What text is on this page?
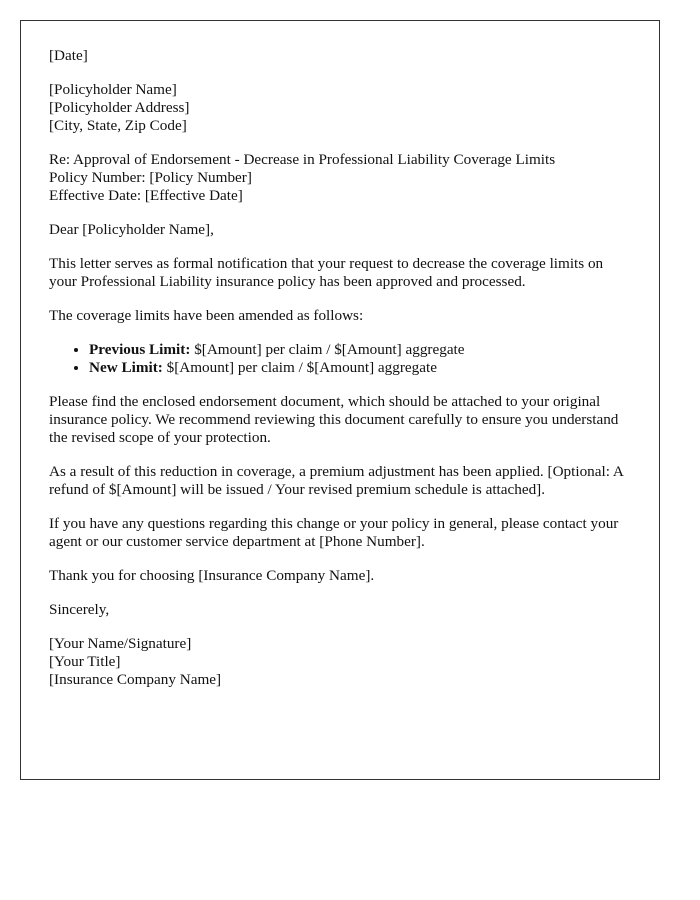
[Date]

[Policyholder Name]
[Policyholder Address]
[City, State, Zip Code]

Re: Approval of Endorsement - Decrease in Professional Liability Coverage Limits
Policy Number: [Policy Number]
Effective Date: [Effective Date]

Dear [Policyholder Name],

This letter serves as formal notification that your request to decrease the coverage limits on your Professional Liability insurance policy has been approved and processed.

The coverage limits have been amended as follows:

• Previous Limit: $[Amount] per claim / $[Amount] aggregate
• New Limit: $[Amount] per claim / $[Amount] aggregate

Please find the enclosed endorsement document, which should be attached to your original insurance policy. We recommend reviewing this document carefully to ensure you understand the revised scope of your protection.

As a result of this reduction in coverage, a premium adjustment has been applied. [Optional: A refund of $[Amount] will be issued / Your revised premium schedule is attached].

If you have any questions regarding this change or your policy in general, please contact your agent or our customer service department at [Phone Number].

Thank you for choosing [Insurance Company Name].

Sincerely,

[Your Name/Signature]
[Your Title]
[Insurance Company Name]
